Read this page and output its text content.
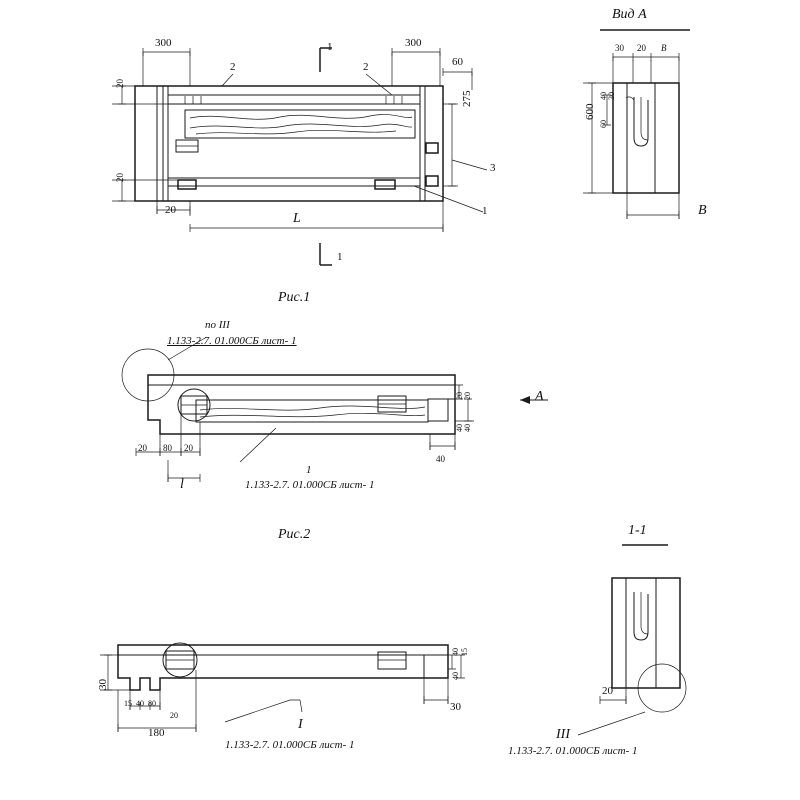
300	300
60
20
20
275
20
L
1
1
1
2	2
3
Рис.1
Вид А
30 20 В
600
40 30
60
В
по III
1.133-2.7. 01.000СБ лист- 1
А
1
1.133-2.7. 01.000СБ лист- 1
20 80 20
20 20
40 40
40
l
Рис.2
30
15 40 80
20
180
30
40 15
40
I
1.133-2.7. 01.000СБ лист- 1
1-1
20
III
1.133-2.7. 01.000СБ лист- 1
